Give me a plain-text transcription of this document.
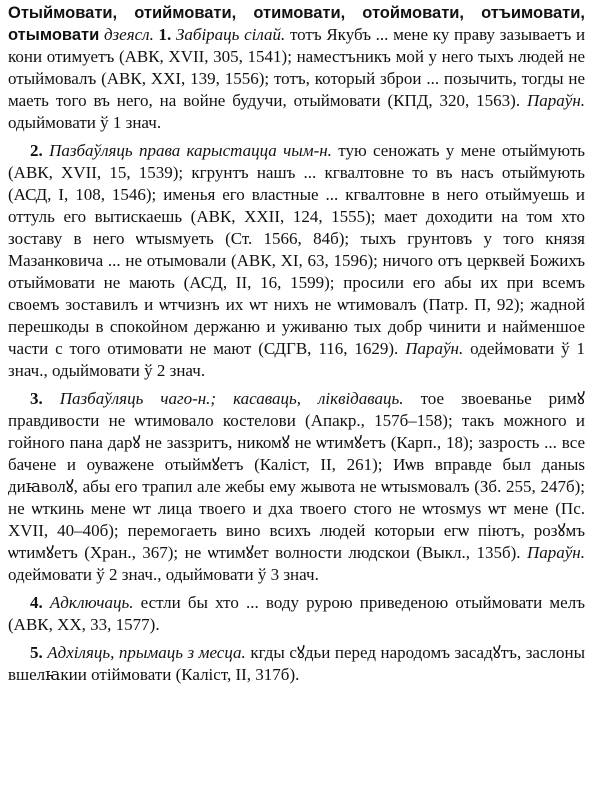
Отыймовати, отиймовати, отимовати, отоймовати, отъимовати, отымовати дзеясл. 1. Забіраць сілай. тотъ Якубъ ... мене ку праву зазываетъ и кони отимуетъ (АВК, XVII, 305, 1541); наместъникъ мой у него тыхъ людей не отыймовалъ (АВК, XXI, 139, 1556); тотъ, который зброи ... позычить, тогды не маеть того въ него, на войне будучи, отыймовати (КПД, 320, 1563). Параўн. одыймовати ў 1 знач.

2. Пазбаўляць права карыстацца чым-н. тую сеножать у мене отыймують (АВК, XVII, 15, 1539); кгрунтъ нашъ ... кгвалтовне то въ насъ отыймують (АСД, I, 108, 1546); именья его властные ... кгвалтовне в него отыймуешь и оттуль его вытискаешь (АВК, XXII, 124, 1555); мает доходити на том хто зоставу в него ѡтыѕмуеть (Ст. 1566, 84б); тыхъ грунтовъ у того князя Мазанковича ... не отымовали (АВК, XI, 63, 1596); ничого отъ церквей Божихъ отыймовати не мають (АСД, II, 16, 1599); просили его абы их при всемъ своемъ зоставилъ и ѡтчизнъ их ѡт нихъ не ѡтимовалъ (Патр. П, 92); жадной перешкоды в спокойном держаню и уживаню тых добр чинити и найменшое части с того отимовати не мают (СДГВ, 116, 1629). Параўн. одеймовати ў 1 знач., одыймовати ў 2 знач.

3. Пазбаўляць чаго-н.; касаваць, ліквідаваць. тое звоеванье римꙋ правдивости не ѡтимовало костелови (Апакр., 157б–158); такъ можного и гойного пана дарꙋ не заѕзритъ, никомꙋ не ѡтимꙋетъ (Карп., 18); зазрость ... все бачене и оуважене отыймꙋетъ (Каліст, II, 261); Иѡв вправде был даныѕ диꙗволꙋ, абы его трапил але жебы ему жывота не ѡтыѕмовалъ (Зб. 255, 247б); не ѡткинь мене ѡт лица твоего и дха твоего стого не ѡтоѕмуѕ ѡт мене (Пс. XVII, 40–40б); перемогаеть вино всихъ людей которыи егѡ піютъ, розꙋмъ ѡтимꙋетъ (Хран., 367); не ѡтимꙋет волности людскои (Выкл., 135б). Параўн. одеймовати ў 2 знач., одыймовати ў 3 знач.

4. Адключаць. естли бы хто ... воду рурою приведеною отыймовати мелъ (АВК, XX, 33, 1577).

5. Адхіляць, прымаць з месца. кгды сꙋдьи перед народомъ засадꙋтъ, заслоны вшелꙗкии отіймовати (Каліст, II, 317б).
